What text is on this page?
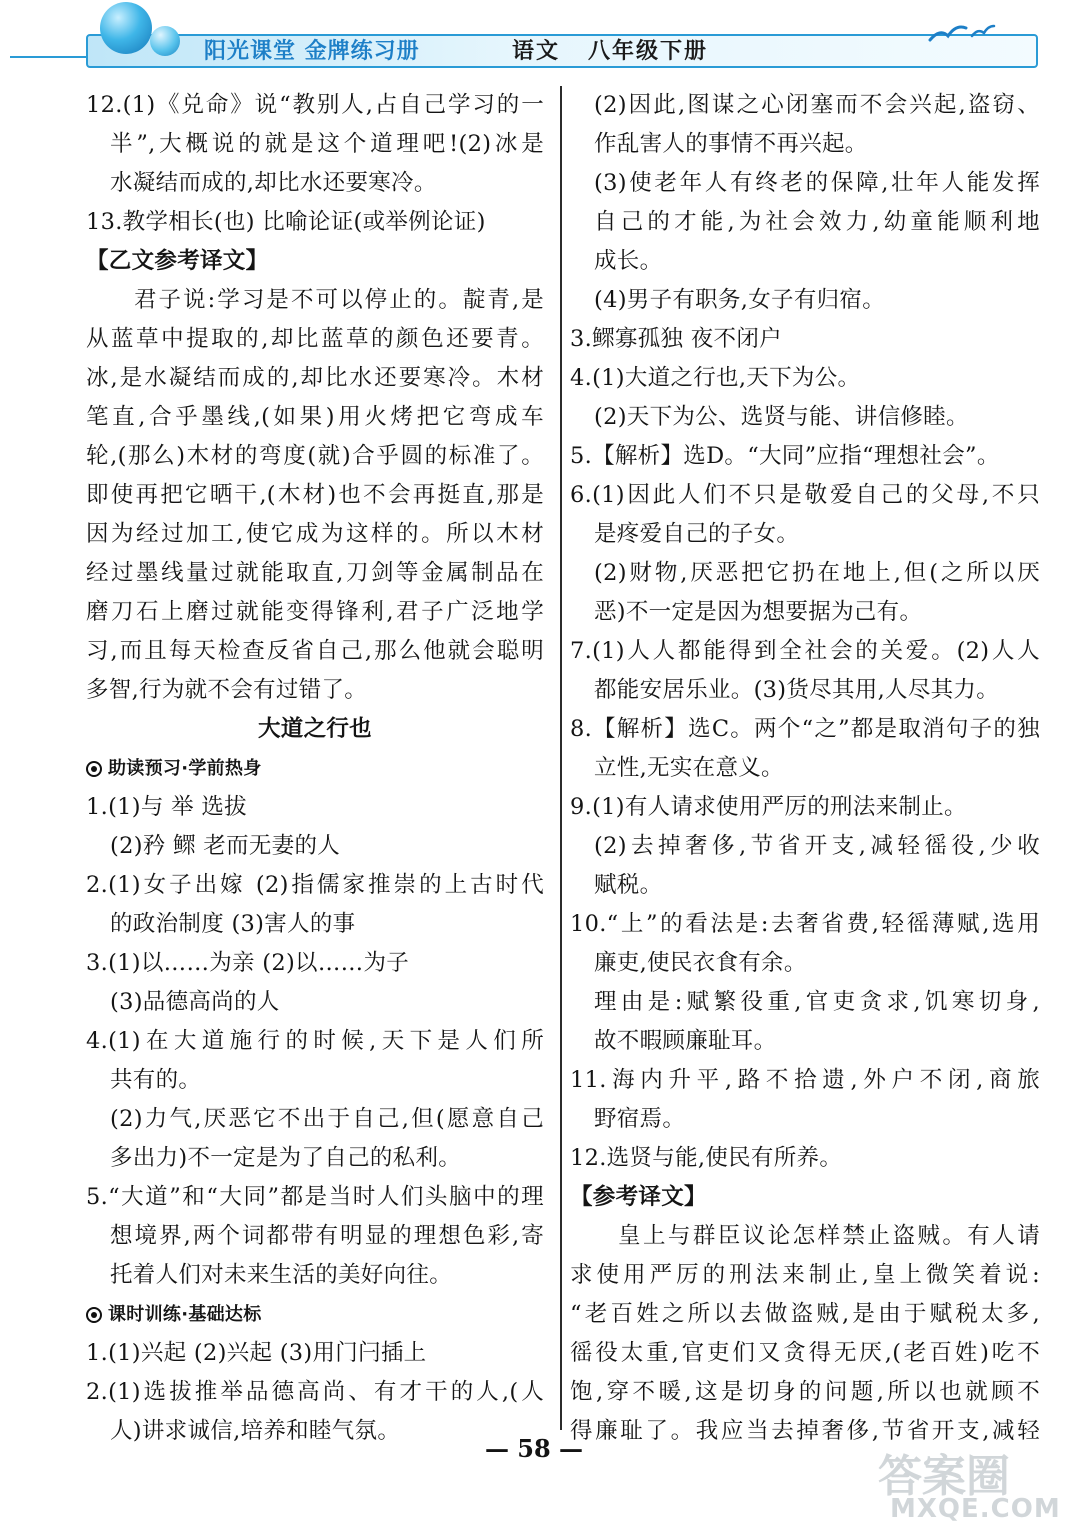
阳光课堂 金牌练习册	语文 八年级下册
12.(1)《兑命》说“教别人,占自己学习的一
半”,大概说的就是这个道理吧!(2)冰是
水凝结而成的,却比水还要寒冷。
13.教学相长(也) 比喻论证(或举例论证)
【乙文参考译文】
君子说:学习是不可以停止的。靛青,是
从蓝草中提取的,却比蓝草的颜色还要青。
冰,是水凝结而成的,却比水还要寒冷。木材
笔直,合乎墨线,(如果)用火烤把它弯成车
轮,(那么)木材的弯度(就)合乎圆的标准了。
即使再把它晒干,(木材)也不会再挺直,那是
因为经过加工,使它成为这样的。所以木材
经过墨线量过就能取直,刀剑等金属制品在
磨刀石上磨过就能变得锋利,君子广泛地学
习,而且每天检查反省自己,那么他就会聪明
多智,行为就不会有过错了。
大道之行也
助读预习·学前热身
1.(1)与 举 选拔
(2)矜 鳏 老而无妻的人
2.(1)女子出嫁 (2)指儒家推崇的上古时代
的政治制度 (3)害人的事
3.(1)以……为亲 (2)以……为子
(3)品德高尚的人
4.(1)在大道施行的时候,天下是人们所
共有的。
(2)力气,厌恶它不出于自己,但(愿意自己
多出力)不一定是为了自己的私利。
5.“大道”和“大同”都是当时人们头脑中的理
想境界,两个词都带有明显的理想色彩,寄
托着人们对未来生活的美好向往。
课时训练·基础达标
1.(1)兴起 (2)兴起 (3)用门闩插上
2.(1)选拔推举品德高尚、有才干的人,(人
人)讲求诚信,培养和睦气氛。
(2)因此,图谋之心闭塞而不会兴起,盗窃、
作乱害人的事情不再兴起。
(3)使老年人有终老的保障,壮年人能发挥
自己的才能,为社会效力,幼童能顺利地
成长。
(4)男子有职务,女子有归宿。
3.鳏寡孤独 夜不闭户
4.(1)大道之行也,天下为公。
(2)天下为公、选贤与能、讲信修睦。
5.【解析】选D。“大同”应指“理想社会”。
6.(1)因此人们不只是敬爱自己的父母,不只
是疼爱自己的子女。
(2)财物,厌恶把它扔在地上,但(之所以厌
恶)不一定是因为想要据为己有。
7.(1)人人都能得到全社会的关爱。(2)人人
都能安居乐业。(3)货尽其用,人尽其力。
8.【解析】选C。两个“之”都是取消句子的独
立性,无实在意义。
9.(1)有人请求使用严厉的刑法来制止。
(2)去掉奢侈,节省开支,减轻徭役,少收
赋税。
10.“上”的看法是:去奢省费,轻徭薄赋,选用
廉吏,使民衣食有余。
理由是:赋繁役重,官吏贪求,饥寒切身,
故不暇顾廉耻耳。
11.海内升平,路不拾遗,外户不闭,商旅
野宿焉。
12.选贤与能,使民有所养。
【参考译文】
皇上与群臣议论怎样禁止盗贼。有人请
求使用严厉的刑法来制止,皇上微笑着说:
“老百姓之所以去做盗贼,是由于赋税太多,
徭役太重,官吏们又贪得无厌,(老百姓)吃不
饱,穿不暖,这是切身的问题,所以也就顾不
得廉耻了。我应当去掉奢侈,节省开支,减轻
— 58 —
答案圈
MXQE.COM
